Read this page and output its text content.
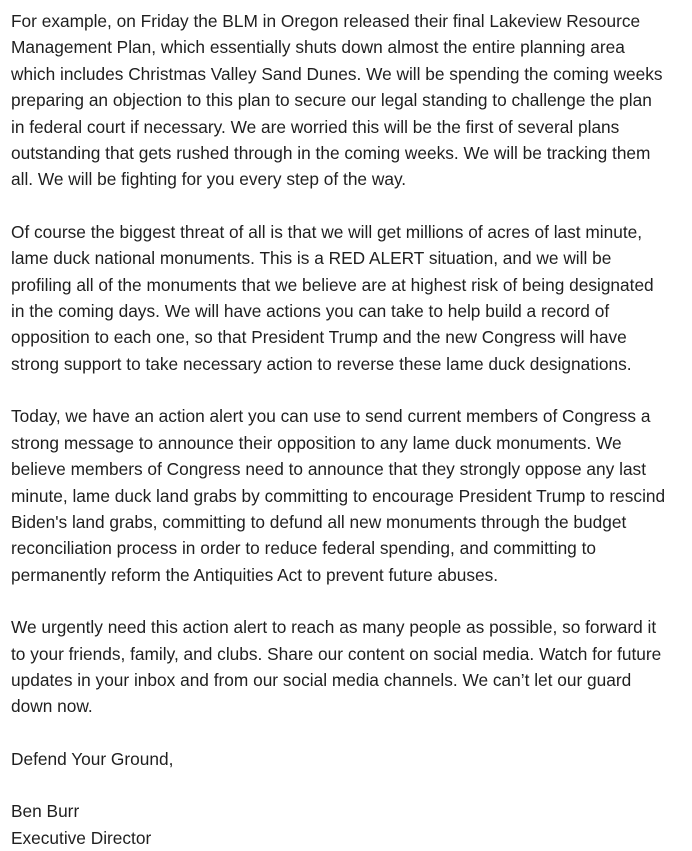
For example, on Friday the BLM in Oregon released their final Lakeview Resource
Management Plan, which essentially shuts down almost the entire planning area
which includes Christmas Valley Sand Dunes. We will be spending the coming weeks
preparing an objection to this plan to secure our legal standing to challenge the plan
in federal court if necessary. We are worried this will be the first of several plans
outstanding that gets rushed through in the coming weeks. We will be tracking them
all. We will be fighting for you every step of the way.

Of course the biggest threat of all is that we will get millions of acres of last minute,
lame duck national monuments. This is a RED ALERT situation, and we will be
profiling all of the monuments that we believe are at highest risk of being designated
in the coming days. We will have actions you can take to help build a record of
opposition to each one, so that President Trump and the new Congress will have
strong support to take necessary action to reverse these lame duck designations.

Today, we have an action alert you can use to send current members of Congress a
strong message to announce their opposition to any lame duck monuments. We
believe members of Congress need to announce that they strongly oppose any last
minute, lame duck land grabs by committing to encourage President Trump to rescind
Biden's land grabs, committing to defund all new monuments through the budget
reconciliation process in order to reduce federal spending, and committing to
permanently reform the Antiquities Act to prevent future abuses.

We urgently need this action alert to reach as many people as possible, so forward it
to your friends, family, and clubs. Share our content on social media. Watch for future
updates in your inbox and from our social media channels. We can’t let our guard
down now.

Defend Your Ground,

Ben Burr
Executive Director
